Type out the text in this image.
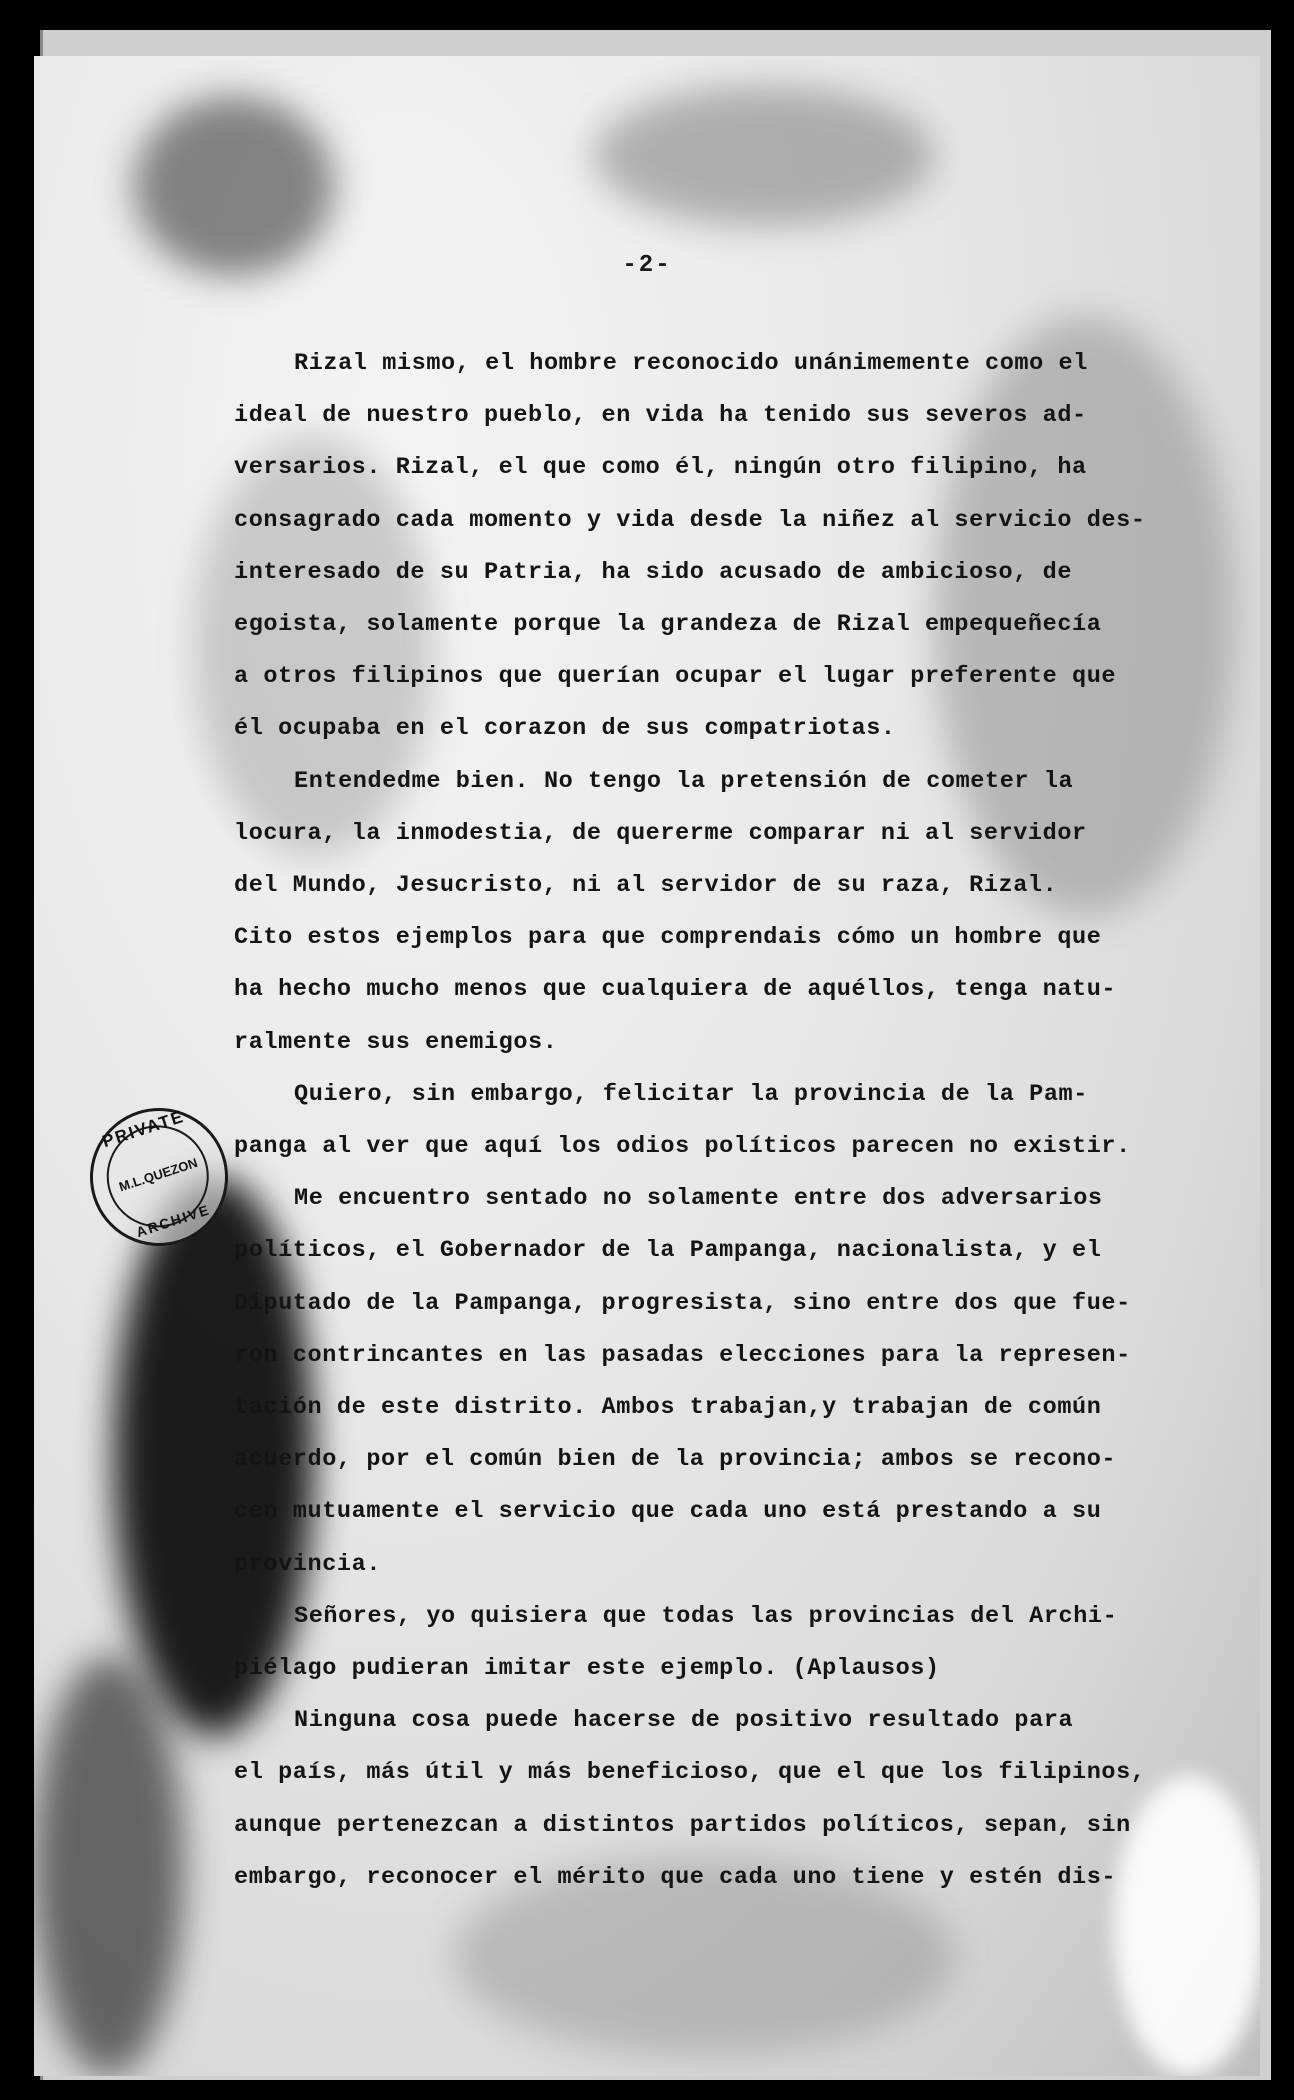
-2-
PRIVATE
M.L.QUEZON
ARCHIVE
Rizal mismo, el hombre reconocido unánimemente como el
ideal de nuestro pueblo, en vida ha tenido sus severos ad-
versarios. Rizal, el que como él, ningún otro filipino, ha
consagrado cada momento y vida desde la niñez al servicio des-
interesado de su Patria, ha sido acusado de ambicioso, de
egoista, solamente porque la grandeza de Rizal empequeñecía
a otros filipinos que querían ocupar el lugar preferente que
él ocupaba en el corazon de sus compatriotas.
Entendedme bien. No tengo la pretensión de cometer la
locura, la inmodestia, de quererme comparar ni al servidor
del Mundo, Jesucristo, ni al servidor de su raza, Rizal.
Cito estos ejemplos para que comprendais cómo un hombre que
ha hecho mucho menos que cualquiera de aquéllos, tenga natu-
ralmente sus enemigos.
Quiero, sin embargo, felicitar la provincia de la Pam-
panga al ver que aquí los odios políticos parecen no existir.
Me encuentro sentado no solamente entre dos adversarios
políticos, el Gobernador de la Pampanga, nacionalista, y el
Diputado de la Pampanga, progresista, sino entre dos que fue-
ron contrincantes en las pasadas elecciones para la represen-
tación de este distrito. Ambos trabajan,y trabajan de común
acuerdo, por el común bien de la provincia; ambos se recono-
cen mutuamente el servicio que cada uno está prestando a su
provincia.
Señores, yo quisiera que todas las provincias del Archi-
piélago pudieran imitar este ejemplo. (Aplausos)
Ninguna cosa puede hacerse de positivo resultado para
el país, más útil y más beneficioso, que el que los filipinos,
aunque pertenezcan a distintos partidos políticos, sepan, sin
embargo, reconocer el mérito que cada uno tiene y estén dis-
